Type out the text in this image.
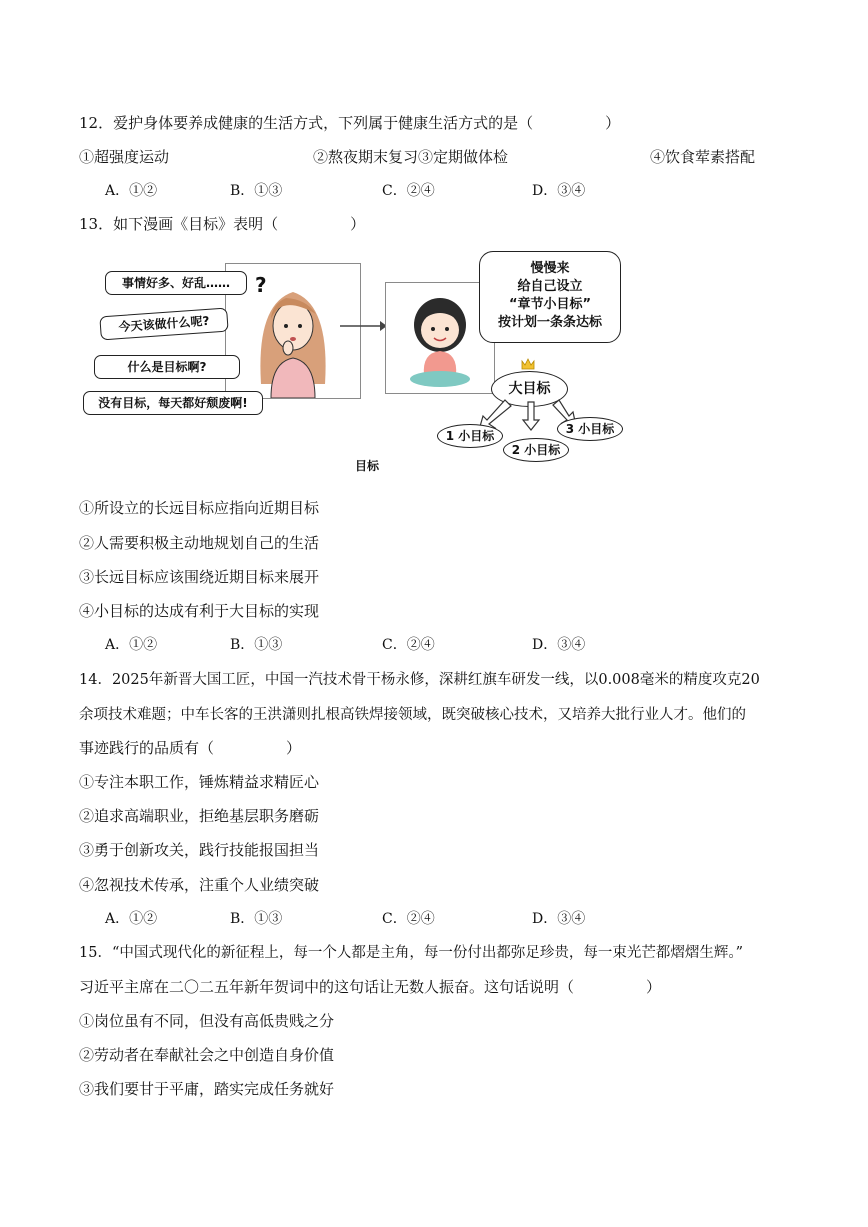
12．爱护身体要养成健康的生活方式，下列属于健康生活方式的是（	）
①超强度运动	②熬夜期末复习③定期做体检	④饮食荤素搭配
A．①②	B．①③	C．②④	D．③④
13．如下漫画《目标》表明（	）
?
事情好多、好乱……
今天该做什么呢?
什么是目标啊?
没有目标，每天都好颓废啊!
慢慢来
给自己设立
“章节小目标”
按计划一条条达标
大目标
1 小目标
2 小目标
3 小目标
目标
①所设立的长远目标应指向近期目标
②人需要积极主动地规划自己的生活
③长远目标应该围绕近期目标来展开
④小目标的达成有利于大目标的实现
A．①②	B．①③	C．②④	D．③④
14．2025年新晋大国工匠，中国一汽技术骨干杨永修，深耕红旗车研发一线，以0.008毫米的精度攻克20
余项技术难题；中车长客的王洪潇则扎根高铁焊接领域，既突破核心技术，又培养大批行业人才。他们的
事迹践行的品质有（	）
①专注本职工作，锤炼精益求精匠心
②追求高端职业，拒绝基层职务磨砺
③勇于创新攻关，践行技能报国担当
④忽视技术传承，注重个人业绩突破
A．①②	B．①③	C．②④	D．③④
15．“中国式现代化的新征程上，每一个人都是主角，每一份付出都弥足珍贵，每一束光芒都熠熠生辉。”
习近平主席在二〇二五年新年贺词中的这句话让无数人振奋。这句话说明（	）
①岗位虽有不同，但没有高低贵贱之分
②劳动者在奉献社会之中创造自身价值
③我们要甘于平庸，踏实完成任务就好
